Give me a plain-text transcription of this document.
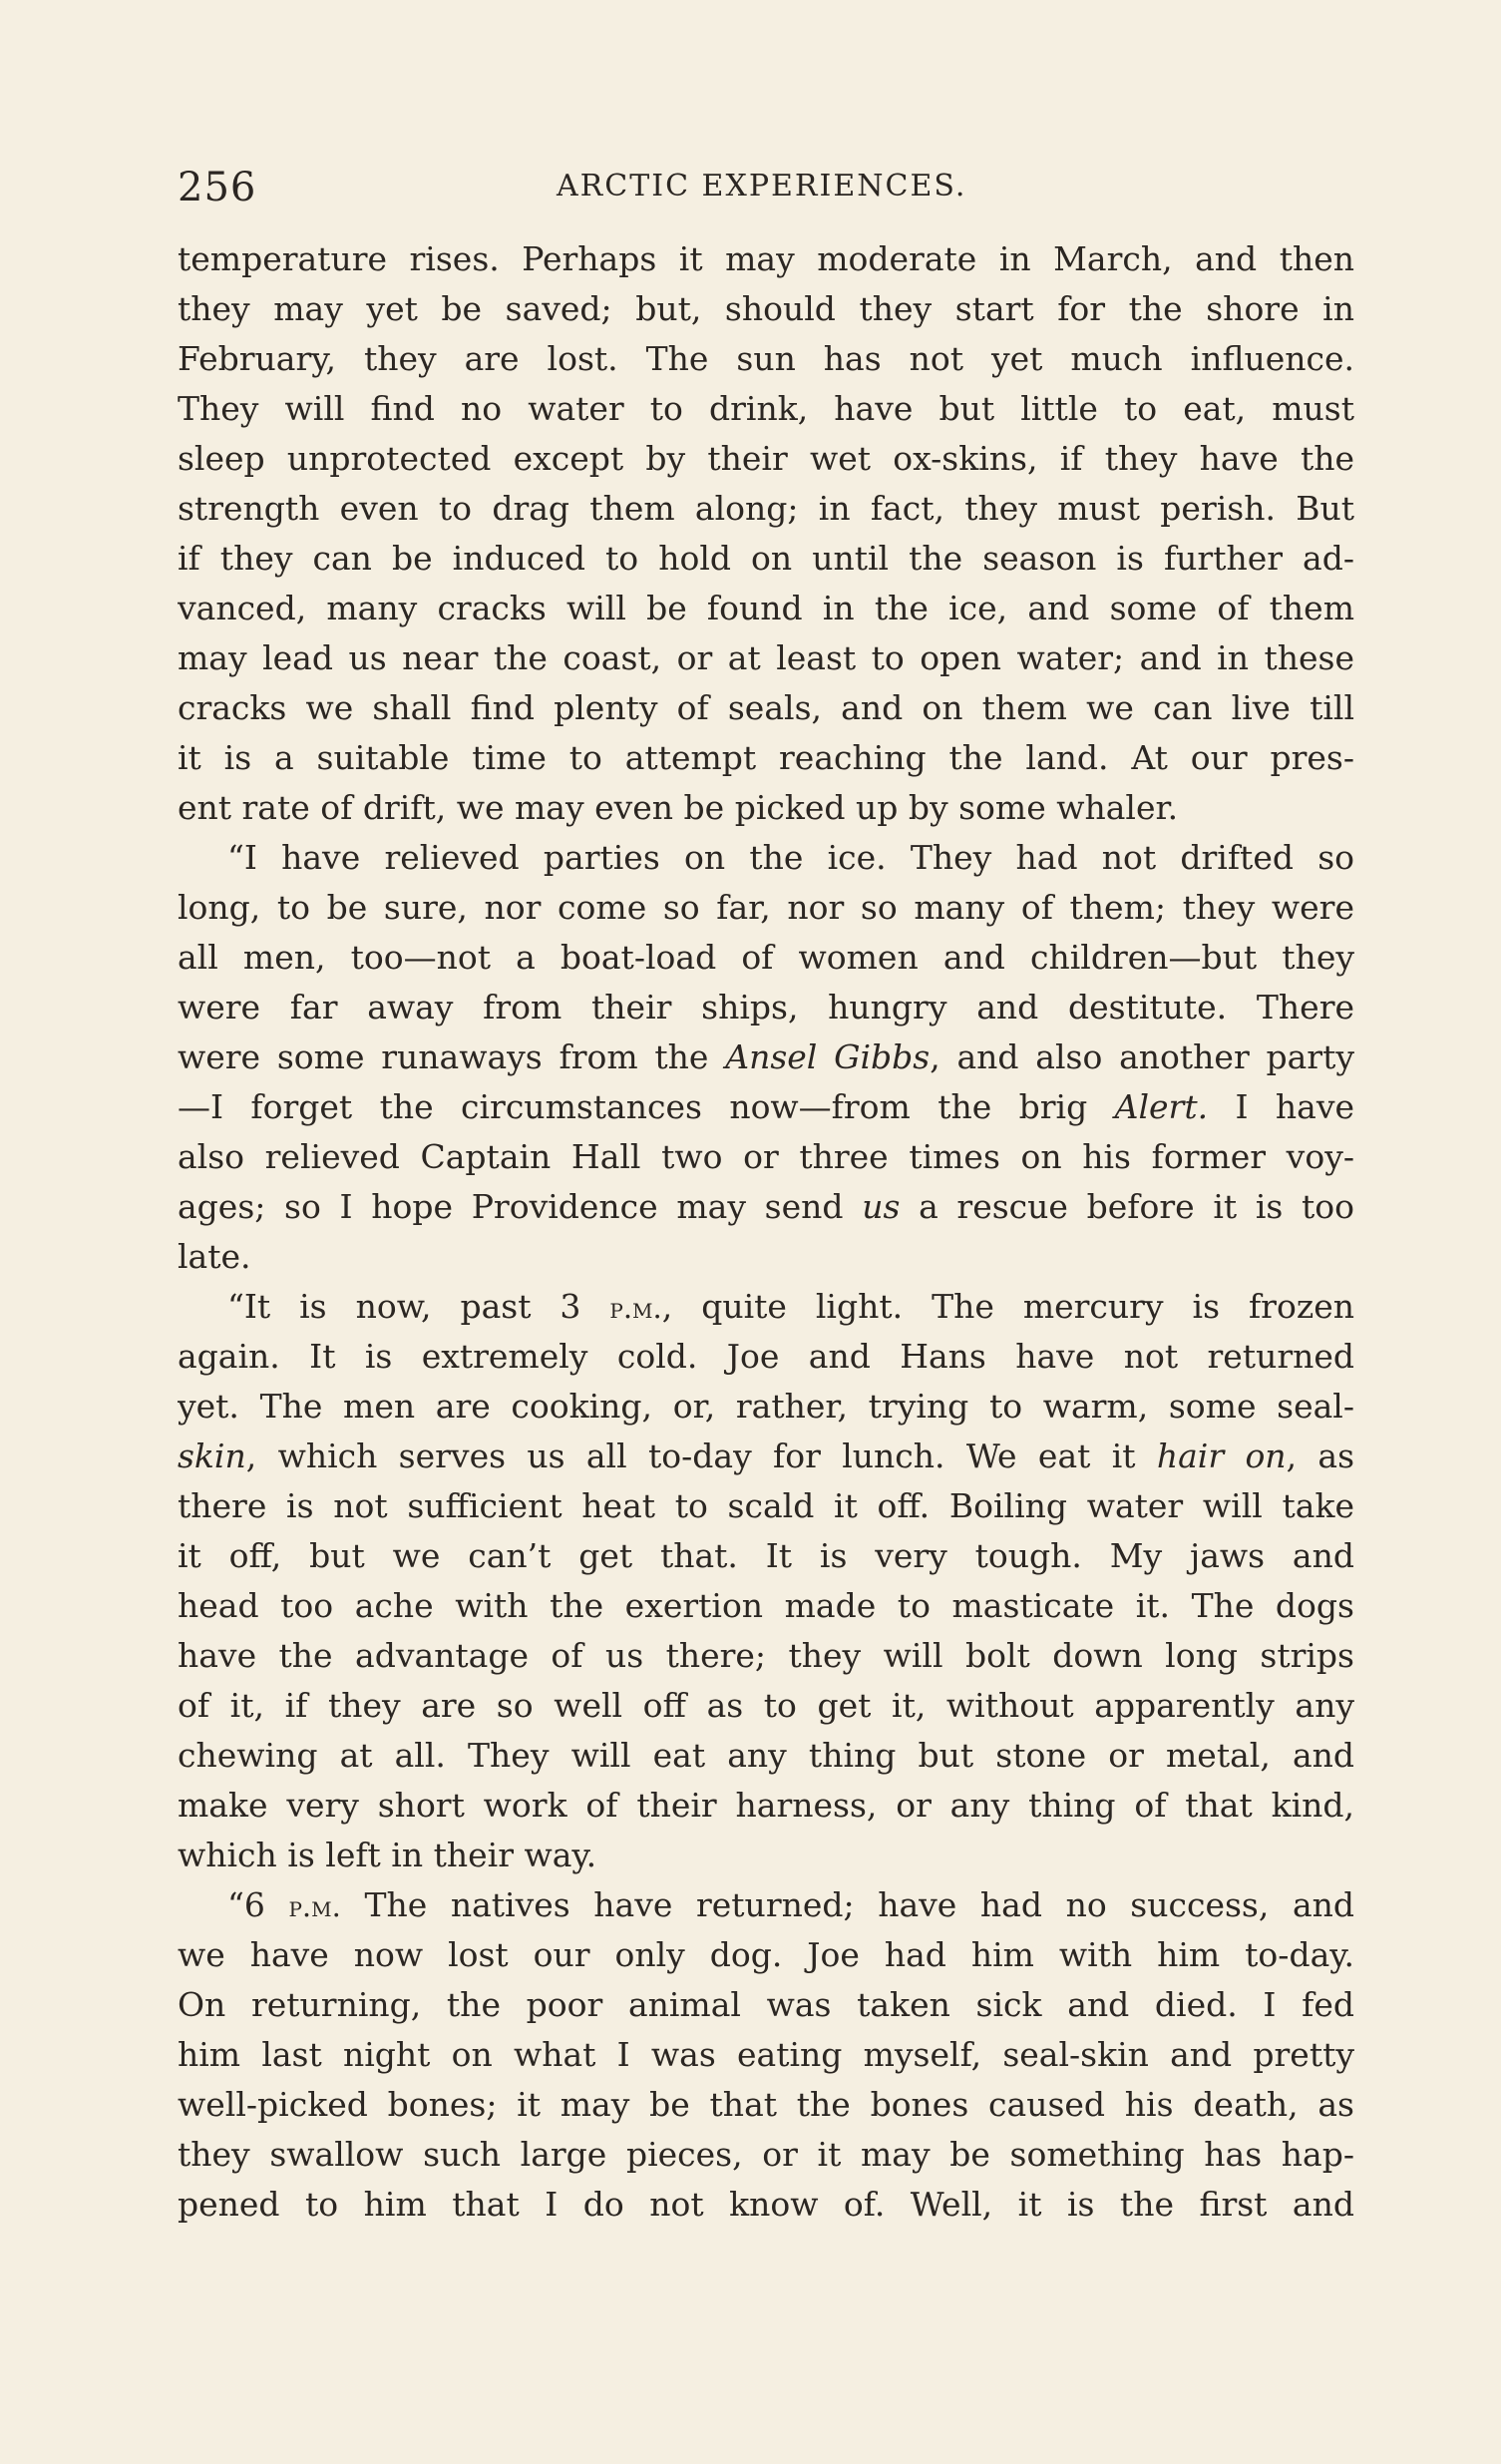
256	ARCTIC EXPERIENCES.
temperature rises. Perhaps it may moderate in March, and then
they may yet be saved; but, should they start for the shore in
February, they are lost. The sun has not yet much influence.
They will find no water to drink, have but little to eat, must
sleep unprotected except by their wet ox-skins, if they have the
strength even to drag them along; in fact, they must perish. But
if they can be induced to hold on until the season is further ad-
vanced, many cracks will be found in the ice, and some of them
may lead us near the coast, or at least to open water; and in these
cracks we shall find plenty of seals, and on them we can live till
it is a suitable time to attempt reaching the land. At our pres-
ent rate of drift, we may even be picked up by some whaler.
“I have relieved parties on the ice. They had not drifted so
long, to be sure, nor come so far, nor so many of them; they were
all men, too—not a boat-load of women and children—but they
were far away from their ships, hungry and destitute. There
were some runaways from the Ansel Gibbs, and also another party
—I forget the circumstances now—from the brig Alert. I have
also relieved Captain Hall two or three times on his former voy-
ages; so I hope Providence may send us a rescue before it is too
late.
“It is now, past 3 p.m., quite light. The mercury is frozen
again. It is extremely cold. Joe and Hans have not returned
yet. The men are cooking, or, rather, trying to warm, some seal-
skin, which serves us all to-day for lunch. We eat it hair on, as
there is not sufficient heat to scald it off. Boiling water will take
it off, but we can’t get that. It is very tough. My jaws and
head too ache with the exertion made to masticate it. The dogs
have the advantage of us there; they will bolt down long strips
of it, if they are so well off as to get it, without apparently any
chewing at all. They will eat any thing but stone or metal, and
make very short work of their harness, or any thing of that kind,
which is left in their way.
“6 p.m. The natives have returned; have had no success, and
we have now lost our only dog. Joe had him with him to-day.
On returning, the poor animal was taken sick and died. I fed
him last night on what I was eating myself, seal-skin and pretty
well-picked bones; it may be that the bones caused his death, as
they swallow such large pieces, or it may be something has hap-
pened to him that I do not know of. Well, it is the first and
